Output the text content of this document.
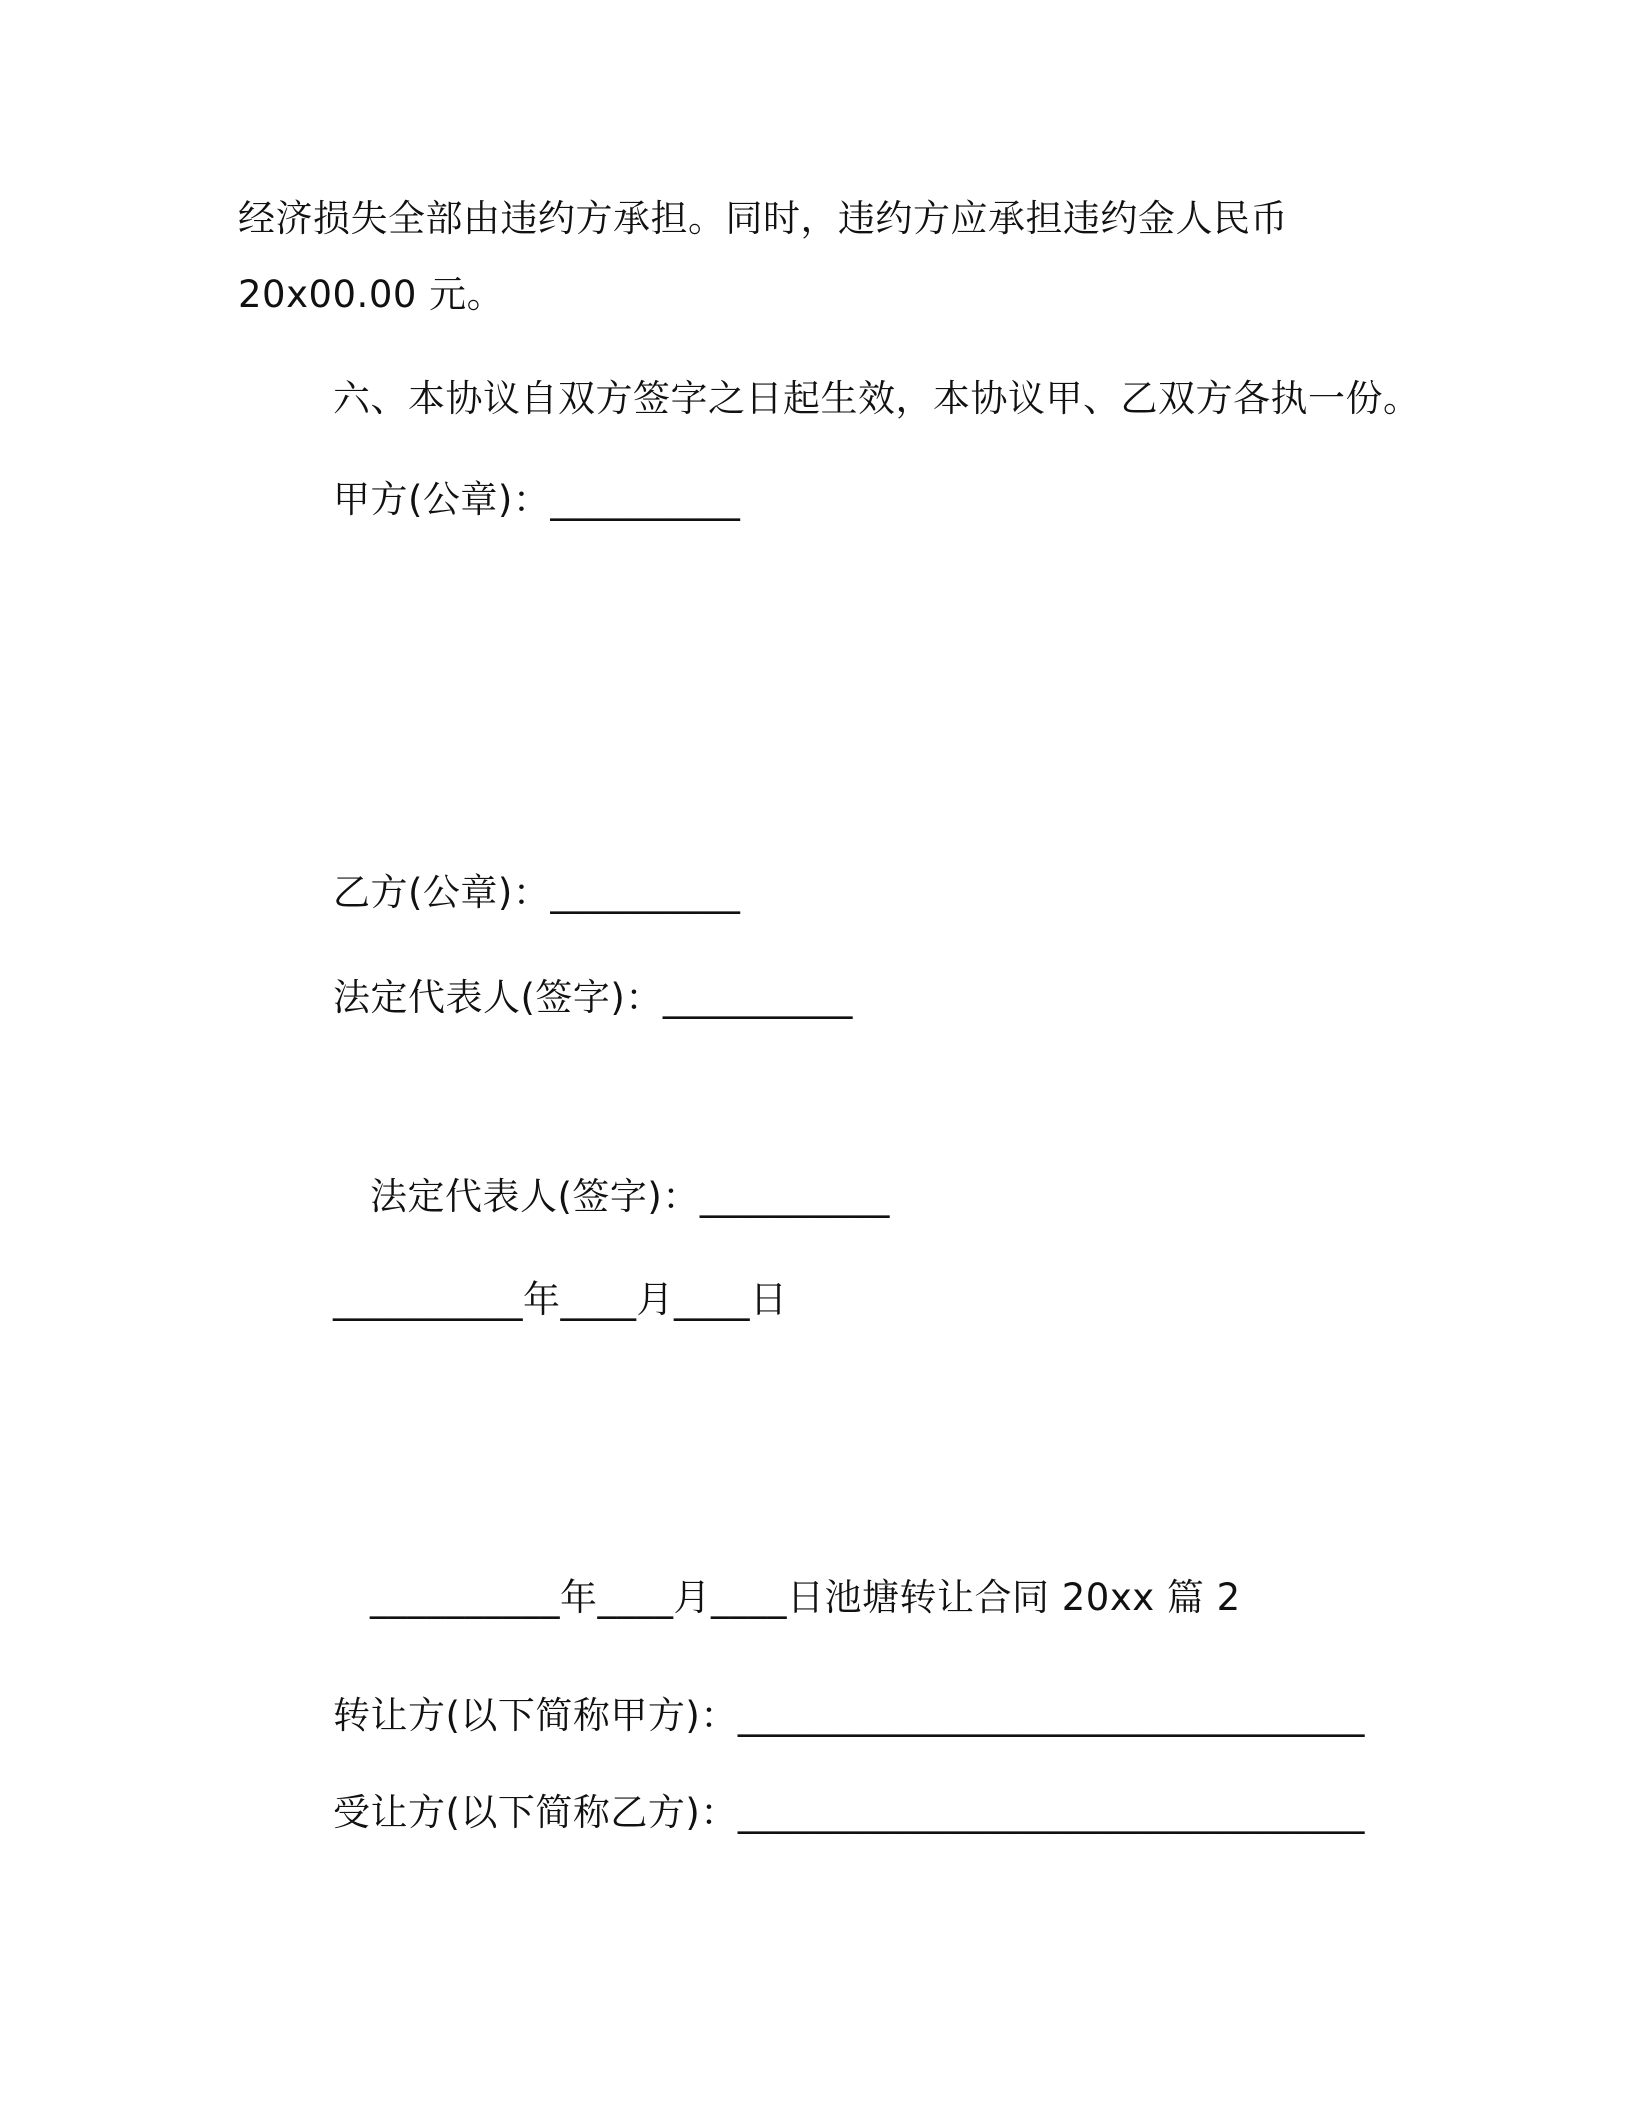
经济损失全部由违约方承担。同时，违约方应承担违约金人民币
20x00.00 元。
六、本协议自双方签字之日起生效，本协议甲、乙双方各执一份。
甲方(公章)：__________
乙方(公章)：__________
法定代表人(签字)：__________
法定代表人(签字)：__________
__________年____月____日
__________年____月____日池塘转让合同 20xx 篇 2
转让方(以下简称甲方)：_________________________________
受让方(以下简称乙方)：_________________________________
